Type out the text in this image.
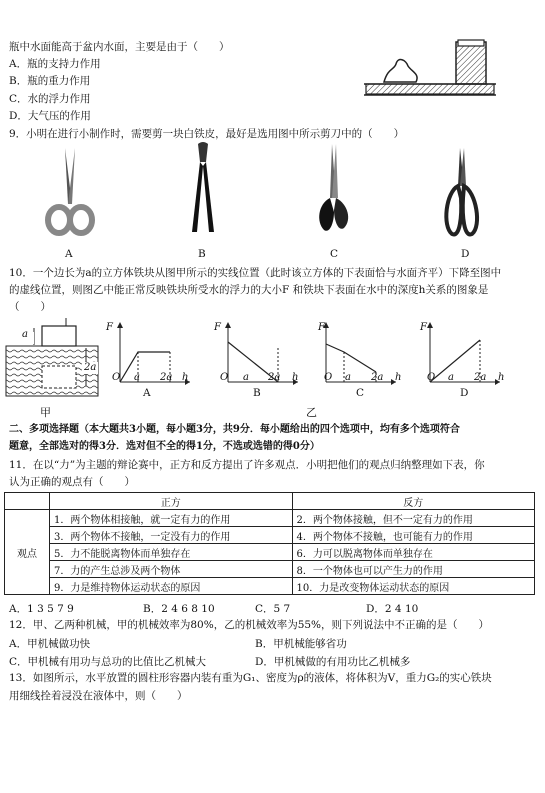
瓶中水面能高于盆内水面，主要是由于（　　）
A．瓶的支持力作用
B．瓶的重力作用
C．水的浮力作用
D．大气压的作用
9．小明在进行小制作时，需要剪一块白铁皮，最好是选用图中所示剪刀中的（　　）
A	B	C	D
10．一个边长为a的立方体铁块从图甲所示的实线位置（此时该立方体的下表面恰与水面齐平）下降至图中
的虚线位置，则图乙中能正常反映铁块所受水的浮力的大小F 和铁块下表面在水中的深度h关系的图象是
（　　）
a
2a
甲
F
O a 2a h
A
F
O a 2a h
B
F
O a 2a h
C
F
O a 2a h
D
乙
二、多项选择题（本大题共3小题，每小题3分，共9分．每小题给出的四个选项中，均有多个选项符合
题意，全部选对的得3分．选对但不全的得1分，不选或选错的得0分）
11．在以“力”为主题的辩论赛中，正方和反方提出了许多观点．小明把他们的观点归纳整理如下表，你
认为正确的观点有（　　）
	正方	反方
观点	1．两个物体相接触，就一定有力的作用	2．两个物体接触，但不一定有力的作用
	3．两个物体不接触，一定没有力的作用	4．两个物体不接触，也可能有力的作用
	5．力不能脱离物体而单独存在	6．力可以脱离物体而单独存在
	7．力的产生总涉及两个物体	8．一个物体也可以产生力的作用
	9．力是维持物体运动状态的原因	10．力是改变物体运动状态的原因
A．1 3 5 7 9	B．2 4 6 8 10	C．5 7	D．2 4 10
12．甲、乙两种机械，甲的机械效率为80%，乙的机械效率为55%，则下列说法中不正确的是（　　）
A．甲机械做功快	B．甲机械能够省功
C．甲机械有用功与总功的比值比乙机械大	D．甲机械做的有用功比乙机械多
13．如图所示，水平放置的圆柱形容器内装有重为G₁、密度为ρ的液体，将体积为V，重力G₂的实心铁块
用细线拴着浸没在液体中，则（　　）
